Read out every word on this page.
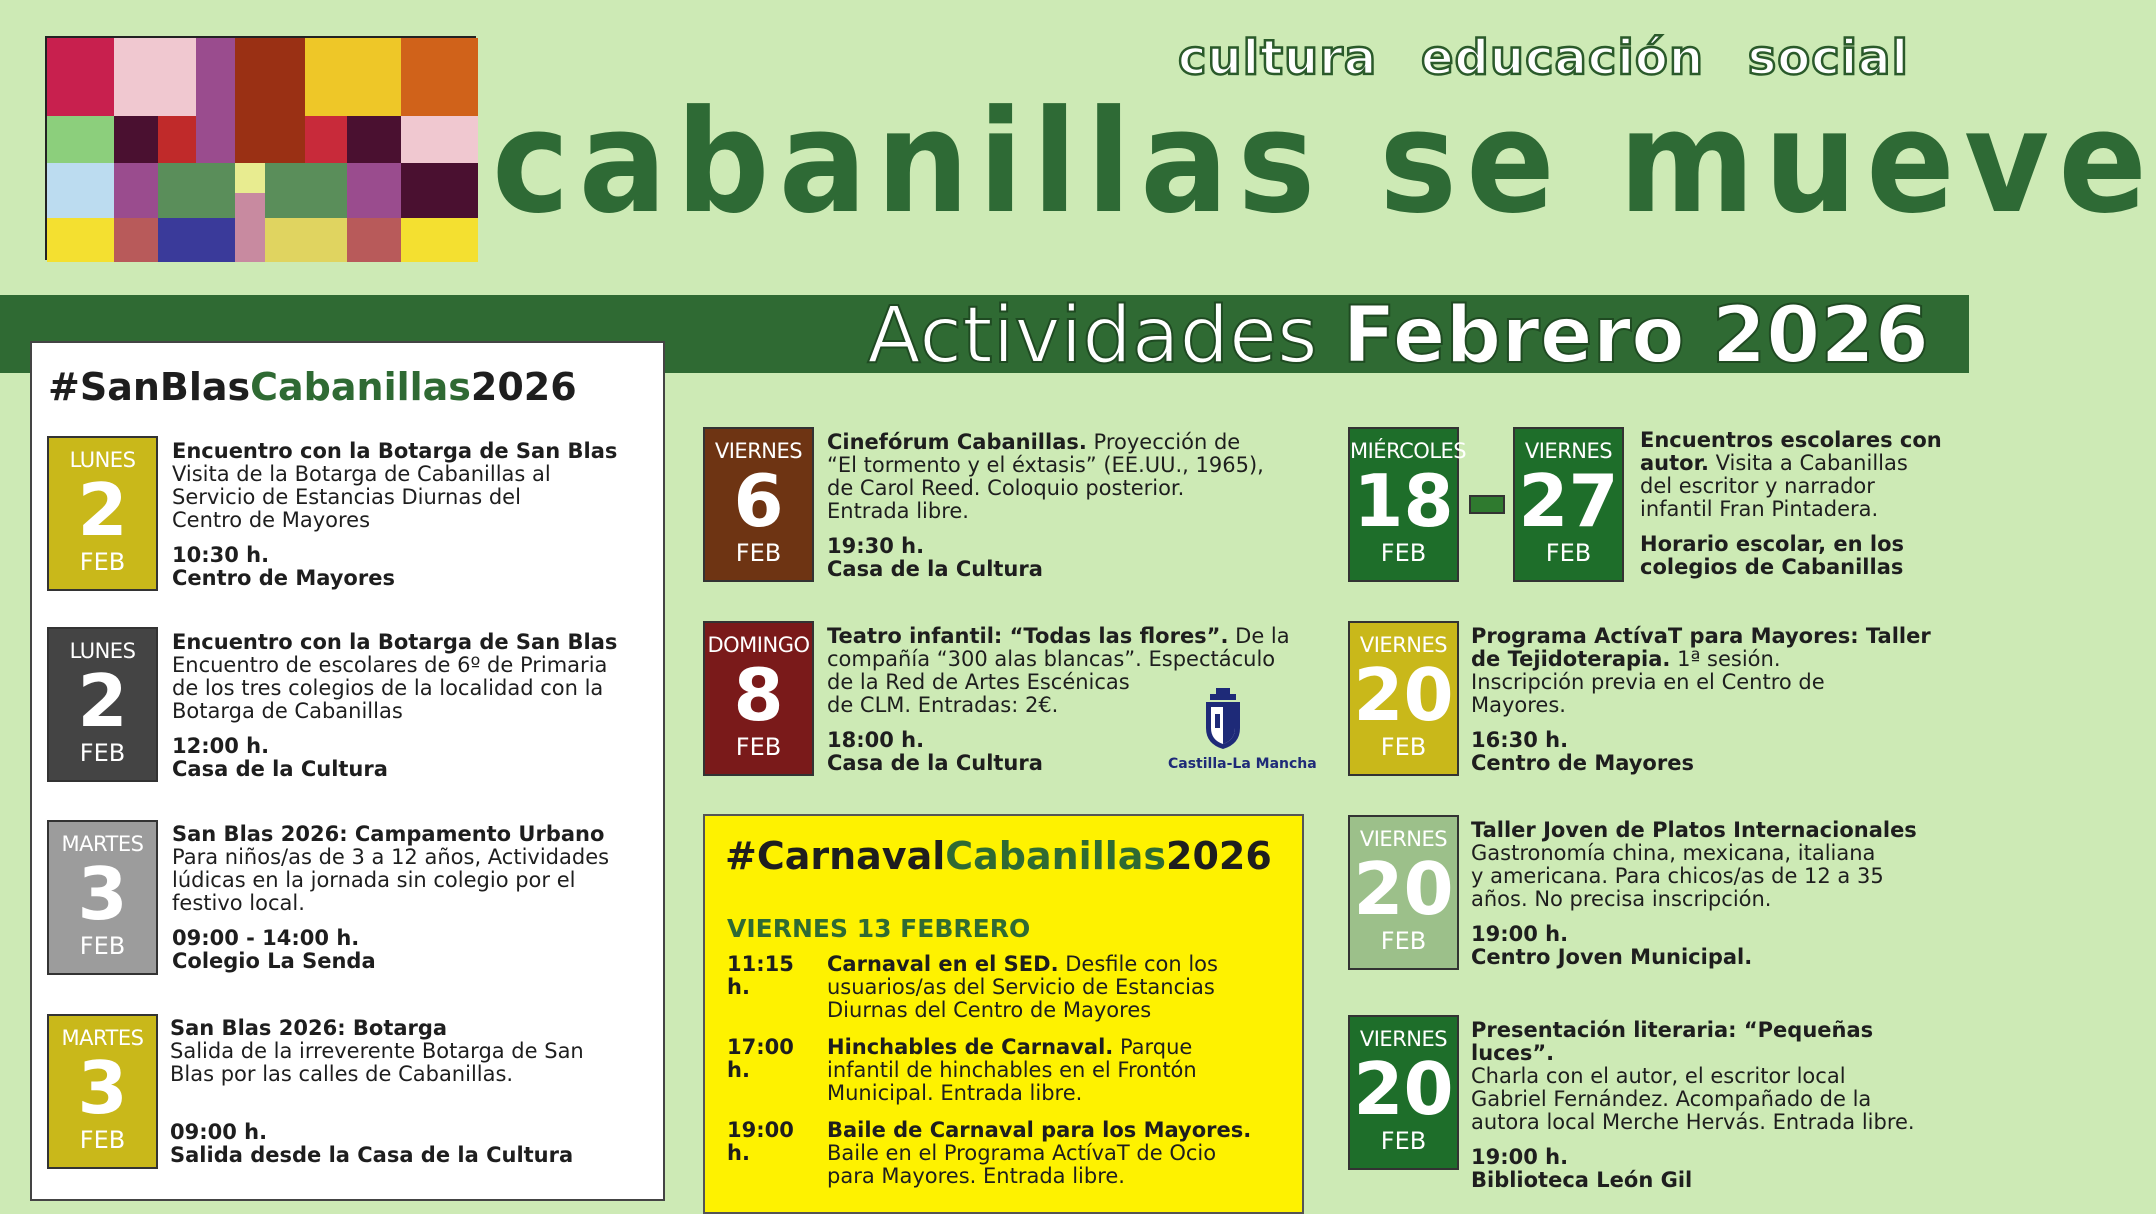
cultura educación social
cabanillas se mueve
Actividades Febrero 2026
#SanBlasCabanillas2026
LUNES
2
FEB
Encuentro con la Botarga de San Blas
Visita de la Botarga de Cabanillas al
Servicio de Estancias Diurnas del
Centro de Mayores
10:30 h.
Centro de Mayores
LUNES
2
FEB
Encuentro con la Botarga de San Blas
Encuentro de escolares de 6º de Primaria
de los tres colegios de la localidad con la
Botarga de Cabanillas
12:00 h.
Casa de la Cultura
MARTES
3
FEB
San Blas 2026: Campamento Urbano
Para niños/as de 3 a 12 años, Actividades
lúdicas en la jornada sin colegio por el
festivo local.
09:00 - 14:00 h.
Colegio La Senda
MARTES
3
FEB
San Blas 2026: Botarga
Salida de la irreverente Botarga de San
Blas por las calles de Cabanillas.
09:00 h.
Salida desde la Casa de la Cultura
VIERNES
6
FEB
Cinefórum Cabanillas. Proyección de
“El tormento y el éxtasis” (EE.UU., 1965),
de Carol Reed. Coloquio posterior.
Entrada libre.
19:30 h.
Casa de la Cultura
DOMINGO
8
FEB
Teatro infantil: “Todas las flores”. De la
compañía “300 alas blancas”. Espectáculo
de la Red de Artes Escénicas
de CLM. Entradas: 2€.
18:00 h.
Casa de la Cultura	Castilla-La Mancha
#CarnavalCabanillas2026
VIERNES 13 FEBRERO
11:15 h.
Carnaval en el SED. Desfile con los
usuarios/as del Servicio de Estancias
Diurnas del Centro de Mayores
17:00 h.
Hinchables de Carnaval. Parque
infantil de hinchables en el Frontón
Municipal. Entrada libre.
19:00 h.
Baile de Carnaval para los Mayores.
Baile en el Programa ActívaT de Ocio
para Mayores. Entrada libre.
MIÉRCOLES
18
FEB
VIERNES
27
FEB
Encuentros escolares con
autor. Visita a Cabanillas
del escritor y narrador
infantil Fran Pintadera.
Horario escolar, en los
colegios de Cabanillas
VIERNES
20
FEB
Programa ActívaT para Mayores: Taller
de Tejidoterapia. 1ª sesión.
Inscripción previa en el Centro de
Mayores.
16:30 h.
Centro de Mayores
VIERNES
20
FEB
Taller Joven de Platos Internacionales
Gastronomía china, mexicana, italiana
y americana. Para chicos/as de 12 a 35
años. No precisa inscripción.
19:00 h.
Centro Joven Municipal.
VIERNES
20
FEB
Presentación literaria: “Pequeñas luces”.
Charla con el autor, el escritor local
Gabriel Fernández. Acompañado de la
autora local Merche Hervás. Entrada libre.
19:00 h.
Biblioteca León Gil
